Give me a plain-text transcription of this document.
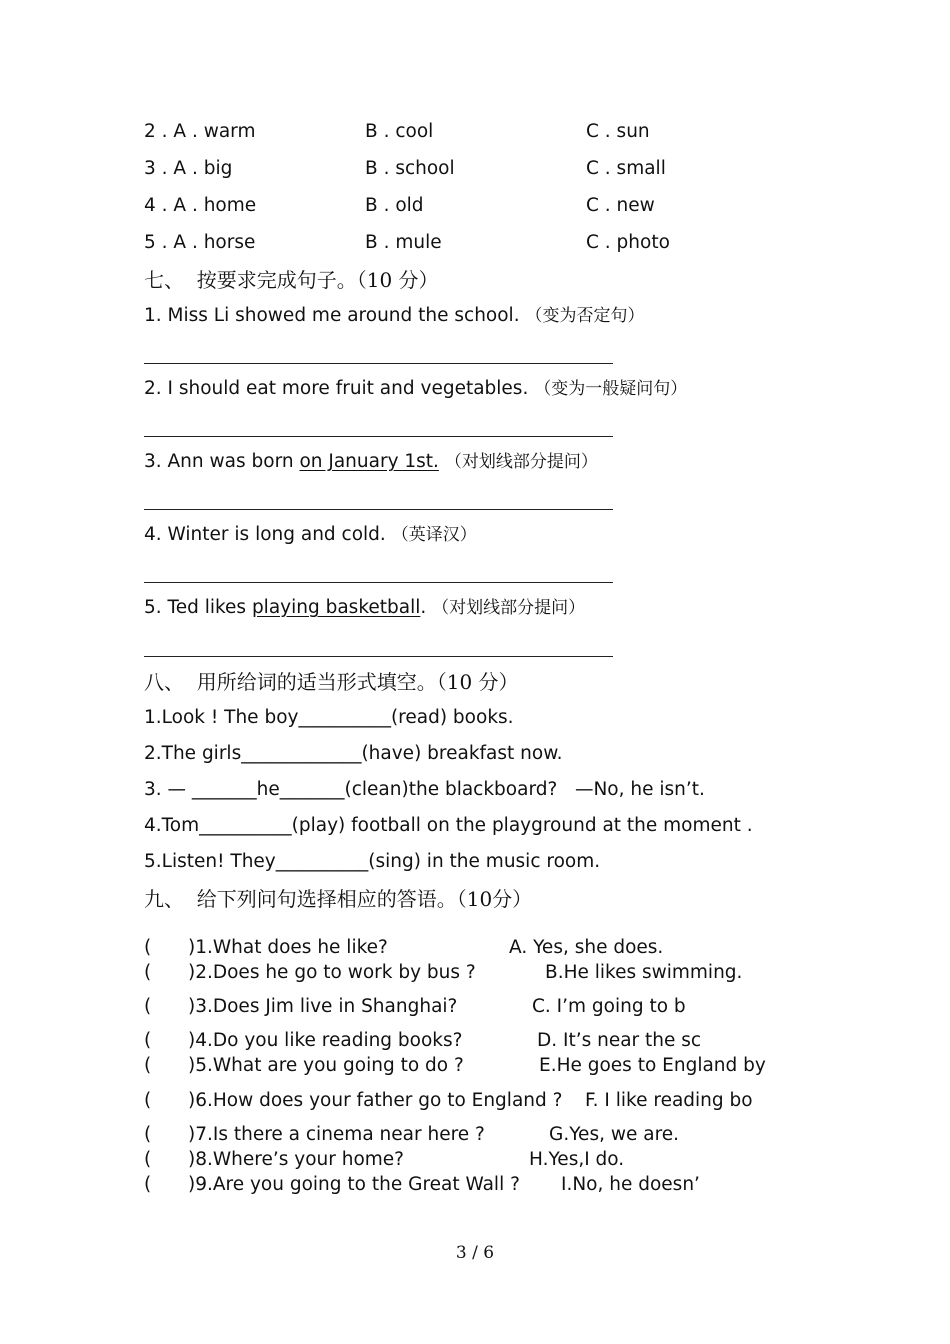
2 . A . warm	B . cool	C . sun
3 . A . big	B . school	C . small
4 . A . home	B . old	C . new
5 . A . horse	B . mule	C . photo
七、  按要求完成句子。（10 分）
1. Miss Li showed me around the school. （变为否定句）
2. I should eat more fruit and vegetables. （变为一般疑问句）
3. Ann was born on January 1st. （对划线部分提问）
4. Winter is long and cold. （英译汉）
5. Ted likes playing basketball. （对划线部分提问）
八、  用所给词的适当形式填空。（10 分）
1.Look ! The boy__________(read) books.
2.The girls_____________(have) breakfast now.
3. — _______he_______(clean)the blackboard?   —No, he isn’t.
4.Tom__________(play) football on the playground at the moment .
5.Listen! They__________(sing) in the music room.
九、  给下列问句选择相应的答语。（10分）
( )1.What does he like?	A. Yes, she does.
( )2.Does he go to work by bus ?	B.He likes swimming.
( )3.Does Jim live in Shanghai?	C. I’m going to b
( )4.Do you like reading books?	D. It’s near the sc
( )5.What are you going to do ?	E.He goes to England by
( )6.How does your father go to England ? F. I like reading bo
( )7.Is there a cinema near here ?	G.Yes, we are.
( )8.Where’s your home?	H.Yes,I do.
( )9.Are you going to the Great Wall ? I.No, he doesn’
3 / 6
